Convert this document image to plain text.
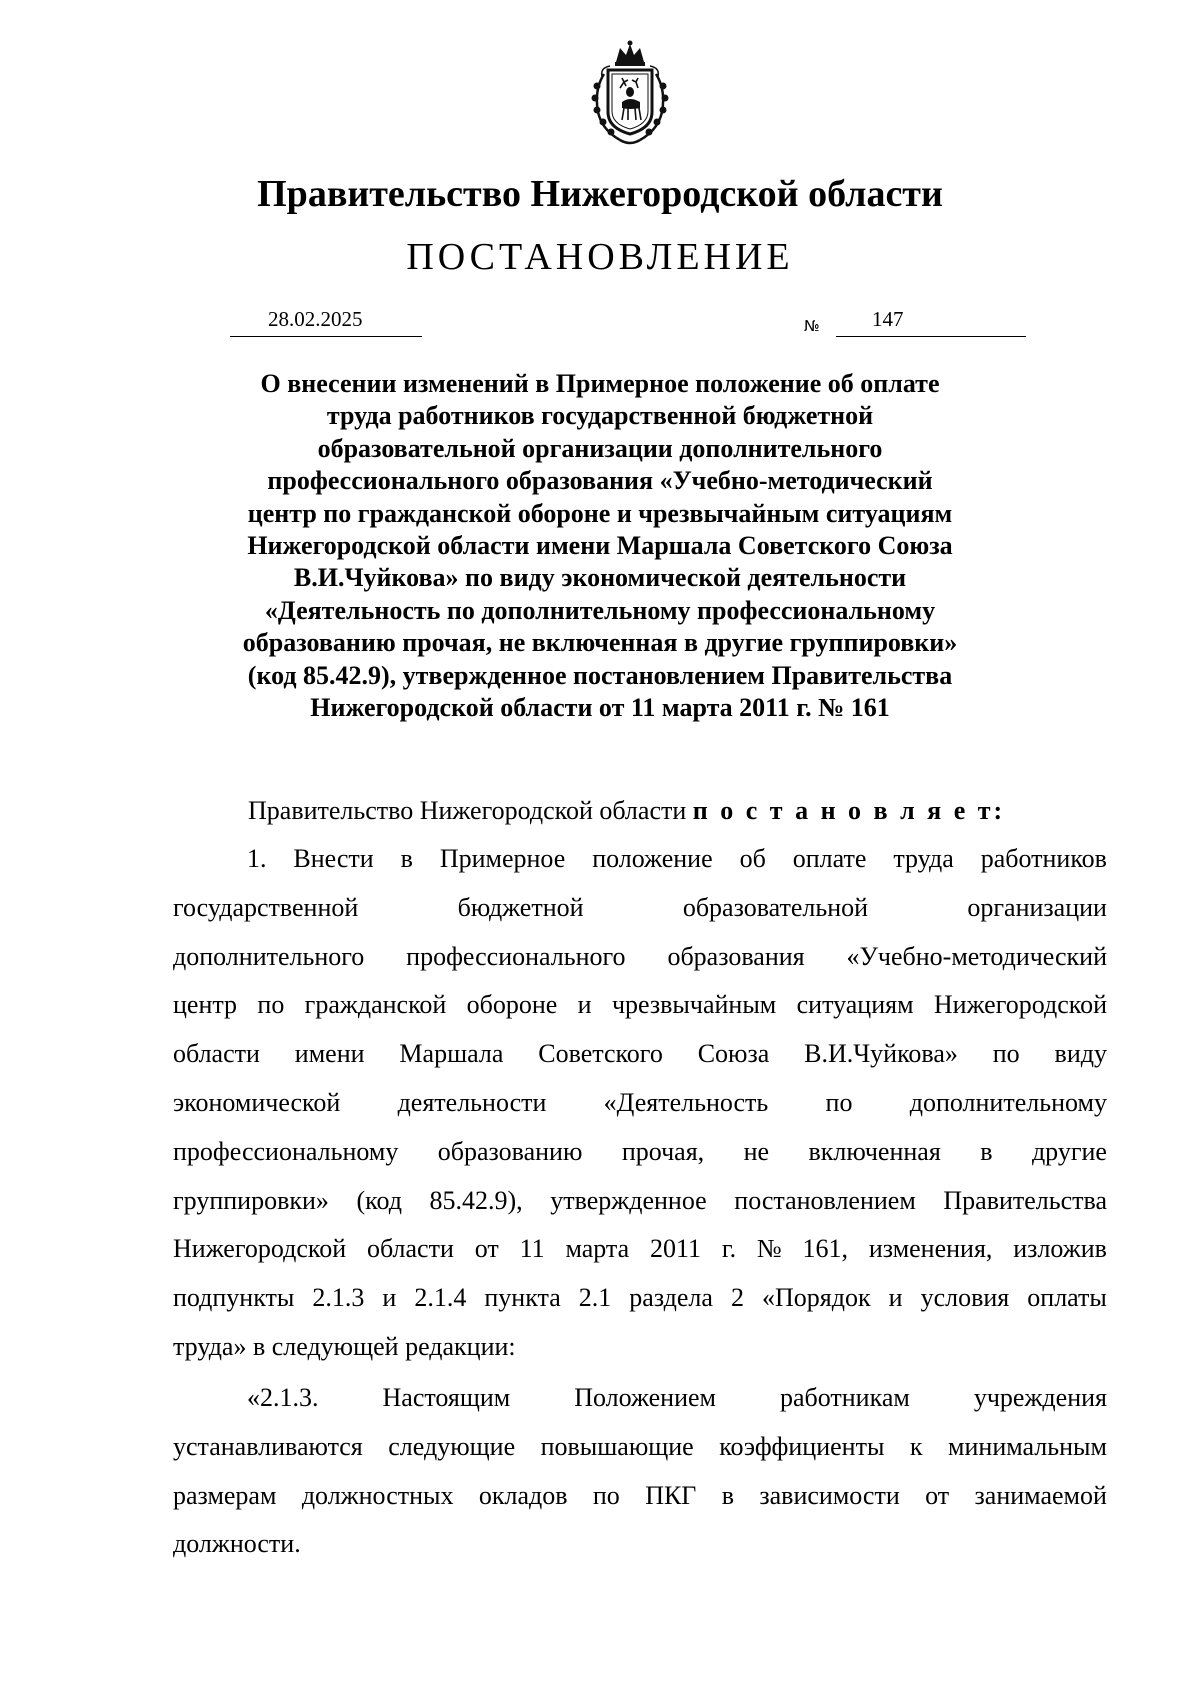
Правительство Нижегородской области
ПОСТАНОВЛЕНИЕ
28.02.2025	№ 147
О внесении изменений в Примерное положение об оплате
труда работников государственной бюджетной
образовательной организации дополнительного
профессионального образования «Учебно-методический
центр по гражданской обороне и чрезвычайным ситуациям
Нижегородской области имени Маршала Советского Союза
В.И.Чуйкова» по виду экономической деятельности
«Деятельность по дополнительному профессиональному
образованию прочая, не включенная в другие группировки»
(код 85.42.9), утвержденное постановлением Правительства
Нижегородской области от 11 марта 2011 г. № 161
Правительство Нижегородской области п о с т а н о в л я е т:
1. Внести в Примерное положение об оплате труда работников
государственной	бюджетной	образовательной	организации
дополнительного профессионального образования «Учебно-методический
центр по гражданской обороне и чрезвычайным ситуациям Нижегородской
области имени Маршала Советского Союза В.И.Чуйкова» по виду
экономической деятельности «Деятельность по дополнительному
профессиональному образованию прочая, не включенная в другие
группировки» (код 85.42.9), утвержденное постановлением Правительства
Нижегородской области от 11 марта 2011 г. № 161, изменения, изложив
подпункты 2.1.3 и 2.1.4 пункта 2.1 раздела 2 «Порядок и условия оплаты
труда» в следующей редакции:
«2.1.3. Настоящим Положением работникам учреждения
устанавливаются следующие повышающие коэффициенты к минимальным
размерам должностных окладов по ПКГ в зависимости от занимаемой
должности.
